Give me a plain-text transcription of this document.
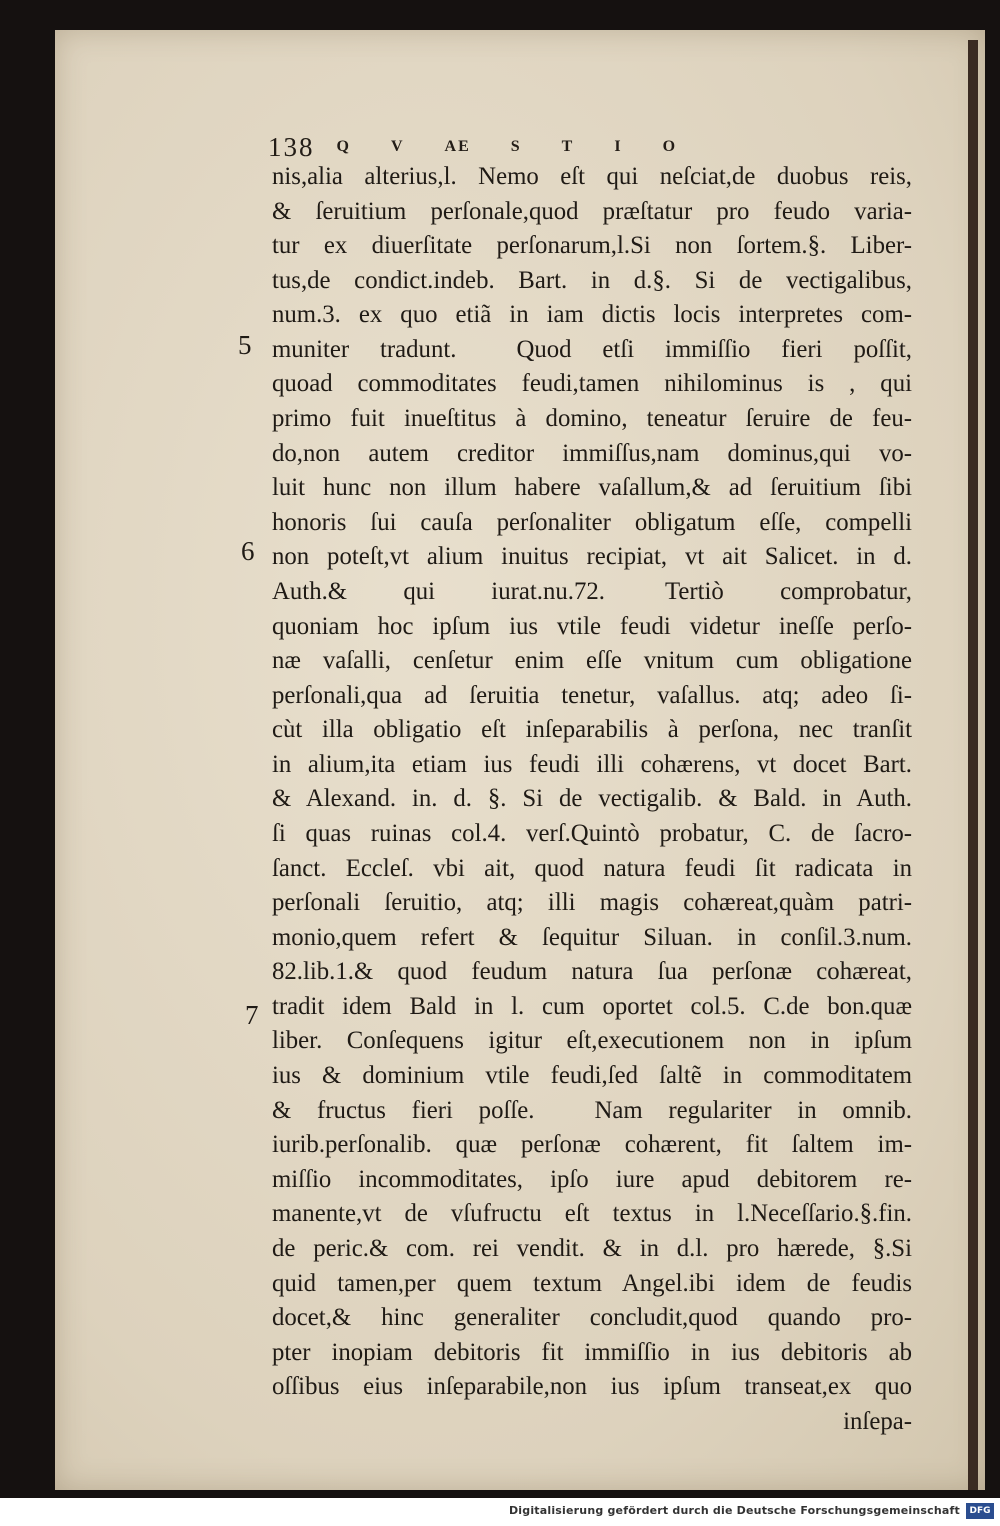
138 Q	V	AE	S	T	I	O
5
6
7
nis,alia alterius,l. Nemo eſt qui neſciat,de duobus reis,
& ſeruitium perſonale,quod præſtatur pro feudo varia-
tur ex diuerſitate perſonarum,l.Si non ſortem.§. Liber-
tus,de condict.indeb. Bart. in d.§. Si de vectigalibus,
num.3. ex quo etiã in iam dictis locis interpretes com-
muniter tradunt. Quod etſi immiſſio fieri poſſit,
quoad commoditates feudi,tamen nihilominus is , qui
primo fuit inueſtitus à domino, teneatur ſeruire de feu-
do,non autem creditor immiſſus,nam dominus,qui vo-
luit hunc non illum habere vaſallum,& ad ſeruitium ſibi
honoris ſui cauſa perſonaliter obligatum eſſe, compelli
non poteſt,vt alium inuitus recipiat, vt ait Salicet. in d.
Auth.& qui iurat.nu.72. Tertiò comprobatur,
quoniam hoc ipſum ius vtile feudi videtur ineſſe perſo-
næ vaſalli, cenſetur enim eſſe vnitum cum obligatione
perſonali,qua ad ſeruitia tenetur, vaſallus. atq; adeo ſi-
cùt illa obligatio eſt inſeparabilis à perſona, nec tranſit
in alium,ita etiam ius feudi illi cohærens, vt docet Bart.
& Alexand. in. d. §. Si de vectigalib. & Bald. in Auth.
ſi quas ruinas col.4. verſ.Quintò probatur, C. de ſacro-
ſanct. Eccleſ. vbi ait, quod natura feudi ſit radicata in
perſonali ſeruitio, atq; illi magis cohæreat,quàm patri-
monio,quem refert & ſequitur Siluan. in conſil.3.num.
82.lib.1.& quod feudum natura ſua perſonæ cohæreat,
tradit idem Bald in l. cum oportet col.5. C.de bon.quæ
liber. Conſequens igitur eſt,executionem non in ipſum
ius & dominium vtile feudi,ſed ſaltẽ in commoditatem
& fructus fieri poſſe. Nam regulariter in omnib.
iurib.perſonalib. quæ perſonæ cohærent, fit ſaltem im-
miſſio incommoditates, ipſo iure apud debitorem re-
manente,vt de vſufructu eſt textus in l.Neceſſario.§.fin.
de peric.& com. rei vendit. & in d.l. pro hærede, §.Si
quid tamen,per quem textum Angel.ibi idem de feudis
docet,& hinc generaliter concludit,quod quando pro-
pter inopiam debitoris fit immiſſio in ius debitoris ab
oſſibus eius inſeparabile,non ius ipſum transeat,ex quo
inſepa-
Digitalisierung gefördert durch die Deutsche Forschungsgemeinschaft	DFG
